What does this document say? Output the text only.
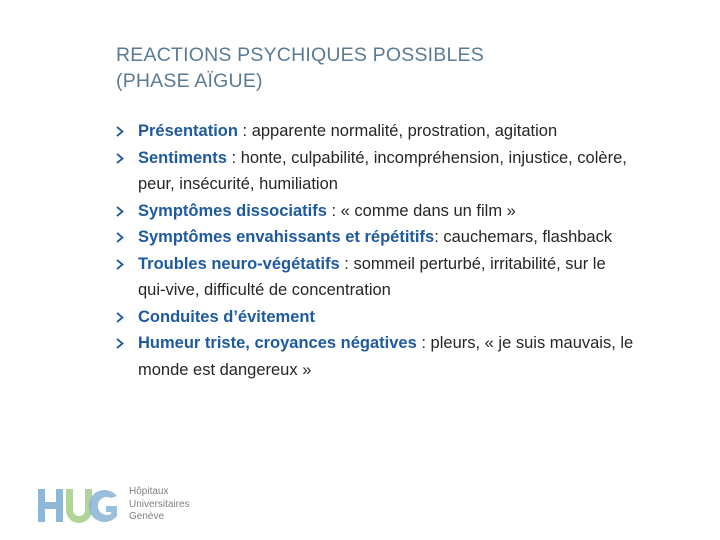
REACTIONS PSYCHIQUES POSSIBLES
(PHASE AÏGUE)
Présentation : apparente normalité, prostration, agitation
Sentiments : honte, culpabilité, incompréhension, injustice, colère, peur, insécurité, humiliation
Symptômes dissociatifs : « comme dans un film »
Symptômes envahissants et répétitifs: cauchemars, flashback
Troubles neuro-végétatifs : sommeil perturbé, irritabilité, sur le qui-vive, difficulté de concentration
Conduites d’évitement
Humeur triste, croyances négatives : pleurs, « je suis mauvais, le monde est dangereux »
Hôpitaux
Universitaires
Genève
